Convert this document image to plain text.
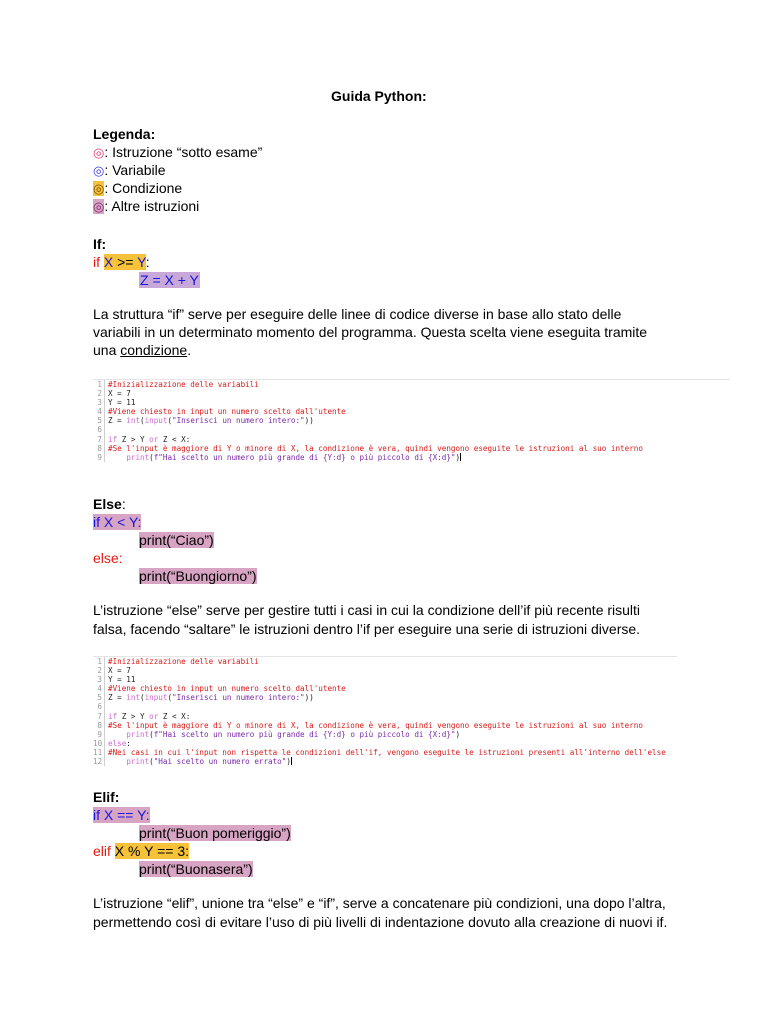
Guida Python:
Legenda:
◎: Istruzione “sotto esame”
◎: Variabile
◎: Condizione
◎: Altre istruzioni
If:
if X >= Y:
Z = X + Y
La struttura “if” serve per eseguire delle linee di codice diverse in base allo stato delle
variabili in un determinato momento del programma. Questa scelta viene eseguita tramite
una condizione.
1 #Inizializzazione delle variabili
2 X = 7
3 Y = 11
4 #Viene chiesto in input un numero scelto dall'utente
5 Z = int(input("Inserisci un numero intero:"))
6
7 if Z > Y or Z < X:
8 #Se l'input è maggiore di Y o minore di X, la condizione è vera, quindi vengono eseguite le istruzioni al suo interno
9	print(f"Hai scelto un numero più grande di {Y:d} o più piccolo di {X:d}")
Else:
if X < Y:
print(“Ciao”)
else:
print(“Buongiorno”)
L’istruzione “else” serve per gestire tutti i casi in cui la condizione dell’if più recente risulti
falsa, facendo “saltare” le istruzioni dentro l’if per eseguire una serie di istruzioni diverse.
1 #Inizializzazione delle variabili
2 X = 7
3 Y = 11
4 #Viene chiesto in input un numero scelto dall'utente
5 Z = int(input("Inserisci un numero intero:"))
6
7 if Z > Y or Z < X:
8 #Se l'input è maggiore di Y o minore di X, la condizione è vera, quindi vengono eseguite le istruzioni al suo interno
9	print(f"Hai scelto un numero più grande di {Y:d} o più piccolo di {X:d}")
10 else:
11 #Nei casi in cui l'input non rispetta le condizioni dell'if, vengono eseguite le istruzioni presenti all'interno dell'else
12	print("Hai scelto un numero errato")
Elif:
if X == Y:
print(“Buon pomeriggio”)
elif X % Y == 3:
print(“Buonasera”)
L’istruzione “elif”, unione tra “else” e “if”, serve a concatenare più condizioni, una dopo l’altra,
permettendo così di evitare l’uso di più livelli di indentazione dovuto alla creazione di nuovi if.
